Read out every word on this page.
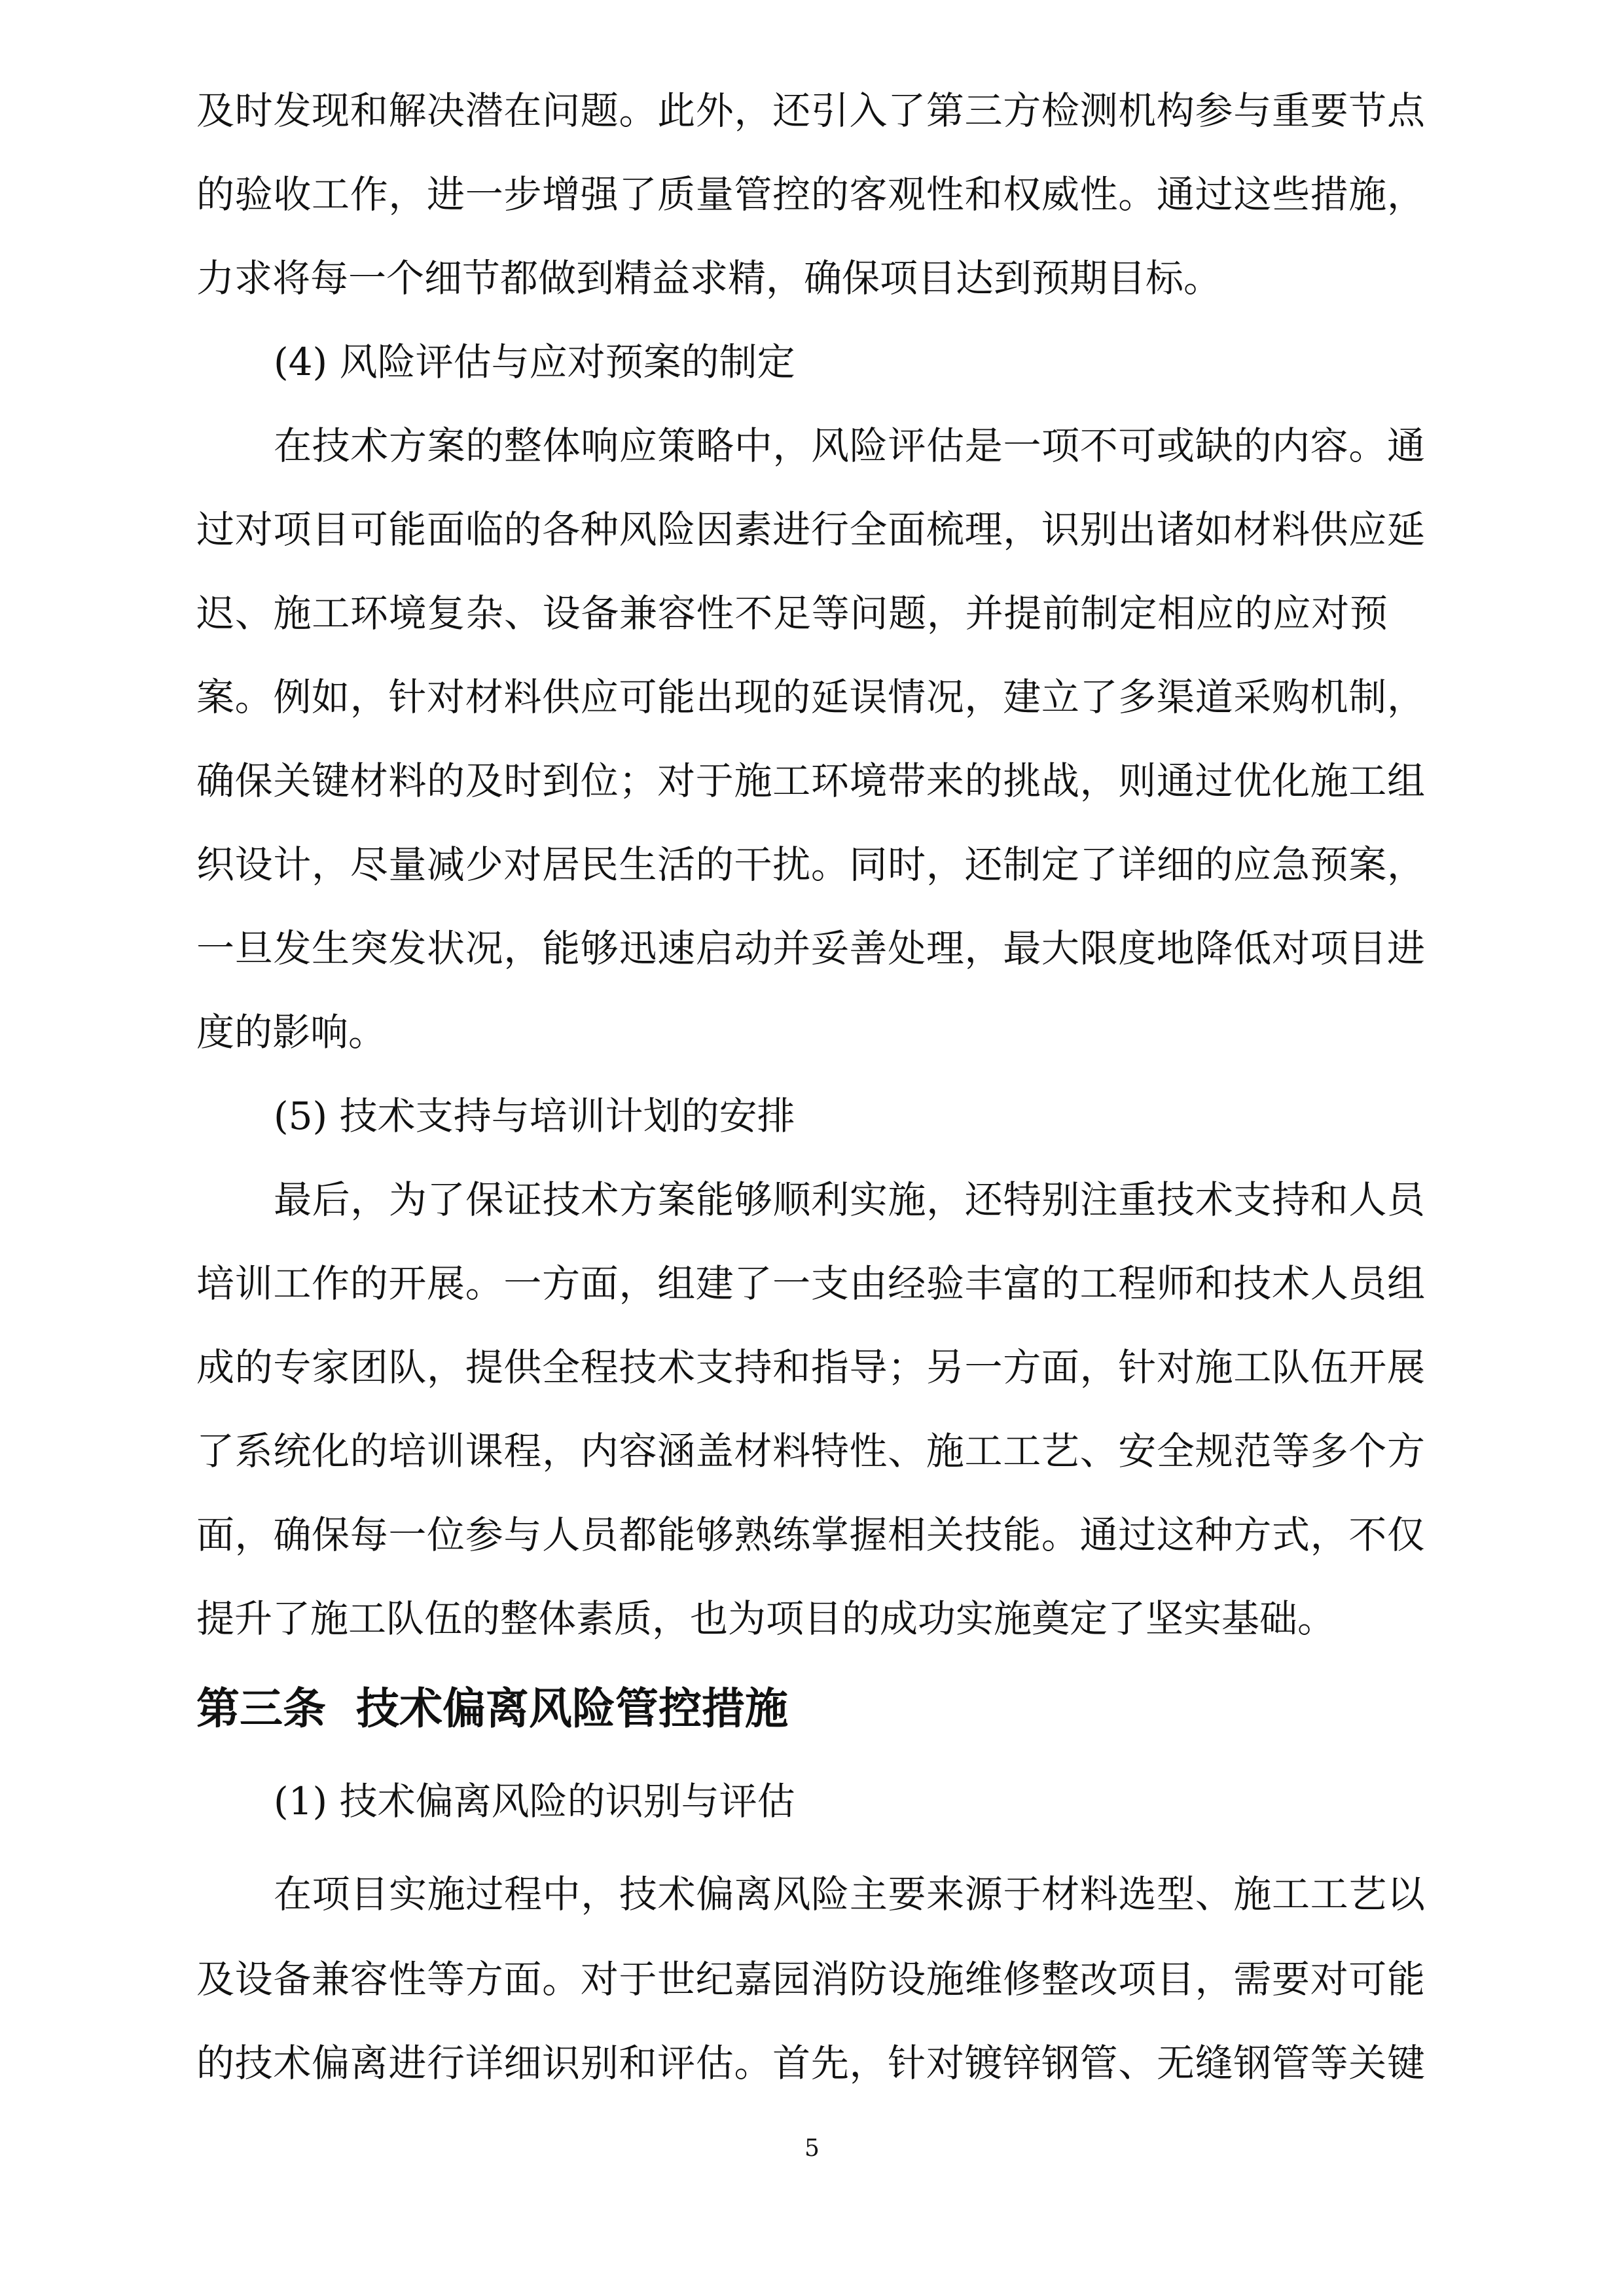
及时发现和解决潜在问题。此外，还引入了第三方检测机构参与重要节点
的验收工作，进一步增强了质量管控的客观性和权威性。通过这些措施，
力求将每一个细节都做到精益求精，确保项目达到预期目标。
(4) 风险评估与应对预案的制定
在技术方案的整体响应策略中，风险评估是一项不可或缺的内容。通
过对项目可能面临的各种风险因素进行全面梳理，识别出诸如材料供应延
迟、施工环境复杂、设备兼容性不足等问题，并提前制定相应的应对预
案。例如，针对材料供应可能出现的延误情况，建立了多渠道采购机制，
确保关键材料的及时到位；对于施工环境带来的挑战，则通过优化施工组
织设计，尽量减少对居民生活的干扰。同时，还制定了详细的应急预案，
一旦发生突发状况，能够迅速启动并妥善处理，最大限度地降低对项目进
度的影响。
(5) 技术支持与培训计划的安排
最后，为了保证技术方案能够顺利实施，还特别注重技术支持和人员
培训工作的开展。一方面，组建了一支由经验丰富的工程师和技术人员组
成的专家团队，提供全程技术支持和指导；另一方面，针对施工队伍开展
了系统化的培训课程，内容涵盖材料特性、施工工艺、安全规范等多个方
面，确保每一位参与人员都能够熟练掌握相关技能。通过这种方式，不仅
提升了施工队伍的整体素质，也为项目的成功实施奠定了坚实基础。
第三条  技术偏离风险管控措施
(1) 技术偏离风险的识别与评估
在项目实施过程中，技术偏离风险主要来源于材料选型、施工工艺以
及设备兼容性等方面。对于世纪嘉园消防设施维修整改项目，需要对可能
的技术偏离进行详细识别和评估。首先，针对镀锌钢管、无缝钢管等关键
5
